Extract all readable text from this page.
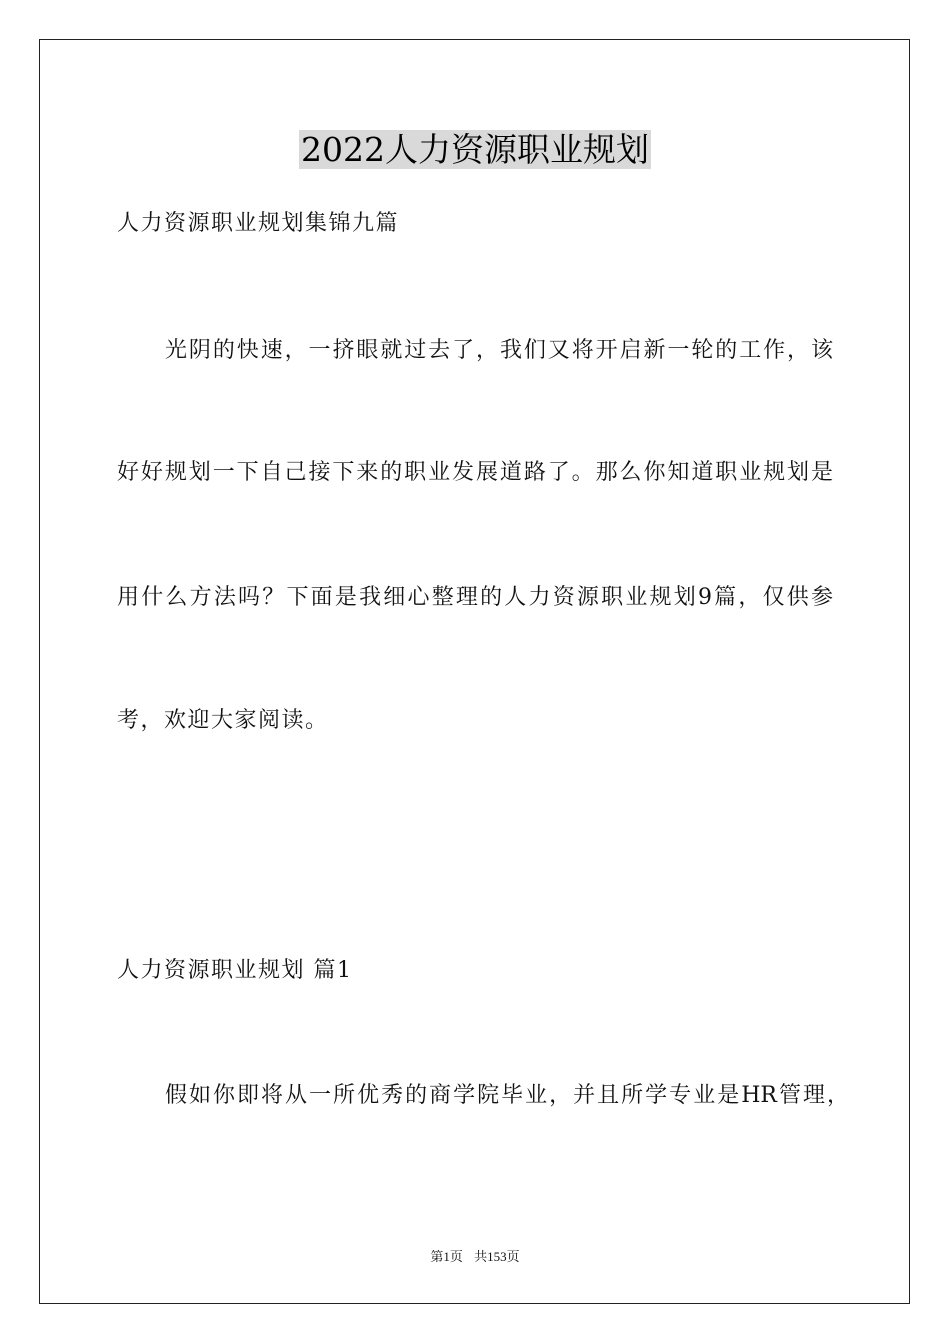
2022人力资源职业规划
人力资源职业规划集锦九篇
光阴的快速，一挤眼就过去了，我们又将开启新一轮的工作，该
好好规划一下自己接下来的职业发展道路了。那么你知道职业规划是
用什么方法吗？下面是我细心整理的人力资源职业规划9篇，仅供参
考，欢迎大家阅读。
人力资源职业规划 篇1
假如你即将从一所优秀的商学院毕业，并且所学专业是HR管理，
第1页 共153页
